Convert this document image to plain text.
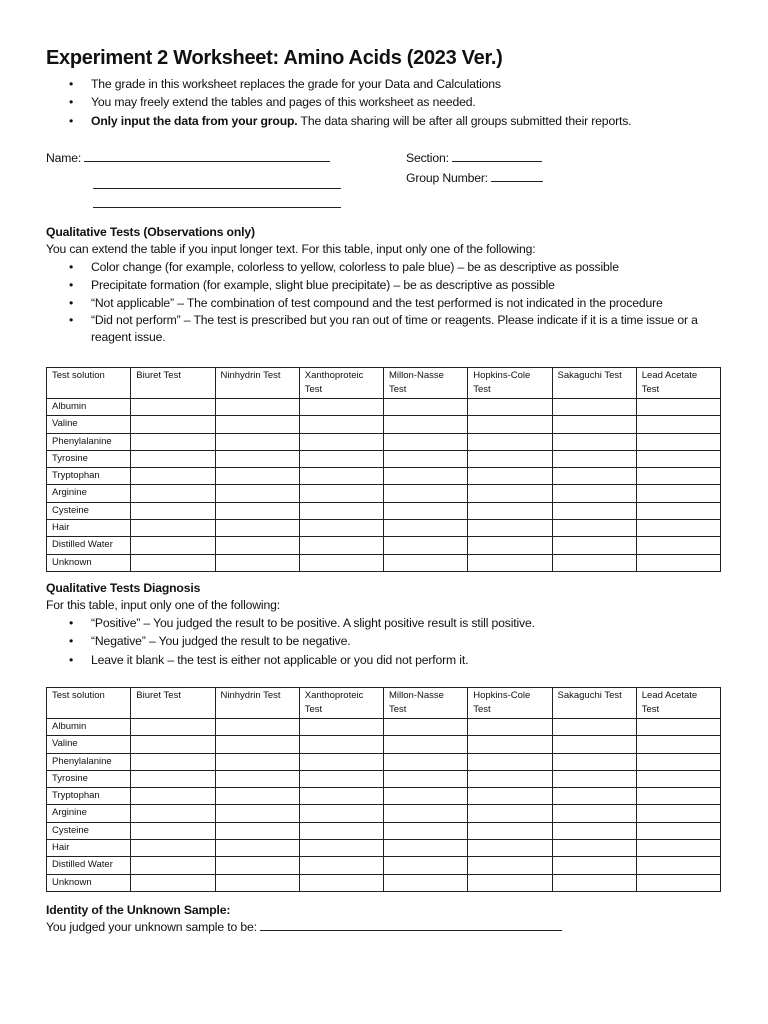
Experiment 2 Worksheet: Amino Acids (2023 Ver.)
• The grade in this worksheet replaces the grade for your Data and Calculations
• You may freely extend the tables and pages of this worksheet as needed.
• Only input the data from your group. The data sharing will be after all groups submitted their reports.
Name:	Section:
Group Number:
Qualitative Tests (Observations only)
You can extend the table if you input longer text. For this table, input only one of the following:
• Color change (for example, colorless to yellow, colorless to pale blue) – be as descriptive as possible
• Precipitate formation (for example, slight blue precipitate) – be as descriptive as possible
• “Not applicable” – The combination of test compound and the test performed is not indicated in the procedure
• “Did not perform” – The test is prescribed but you ran out of time or reagents. Please indicate if it is a time issue or a reagent issue.
Test solution	Biuret Test	Ninhydrin Test	Xanthoproteic Test	Millon-Nasse Test	Hopkins-Cole Test	Sakaguchi Test	Lead Acetate Test
Albumin							
Valine							
Phenylalanine							
Tyrosine							
Tryptophan							
Arginine							
Cysteine							
Hair							
Distilled Water							
Unknown							
Qualitative Tests Diagnosis
For this table, input only one of the following:
• “Positive” – You judged the result to be positive. A slight positive result is still positive.
• “Negative” – You judged the result to be negative.
• Leave it blank – the test is either not applicable or you did not perform it.
Test solution	Biuret Test	Ninhydrin Test	Xanthoproteic Test	Millon-Nasse Test	Hopkins-Cole Test	Sakaguchi Test	Lead Acetate Test
Albumin							
Valine							
Phenylalanine							
Tyrosine							
Tryptophan							
Arginine							
Cysteine							
Hair							
Distilled Water							
Unknown							
Identity of the Unknown Sample:
You judged your unknown sample to be:
